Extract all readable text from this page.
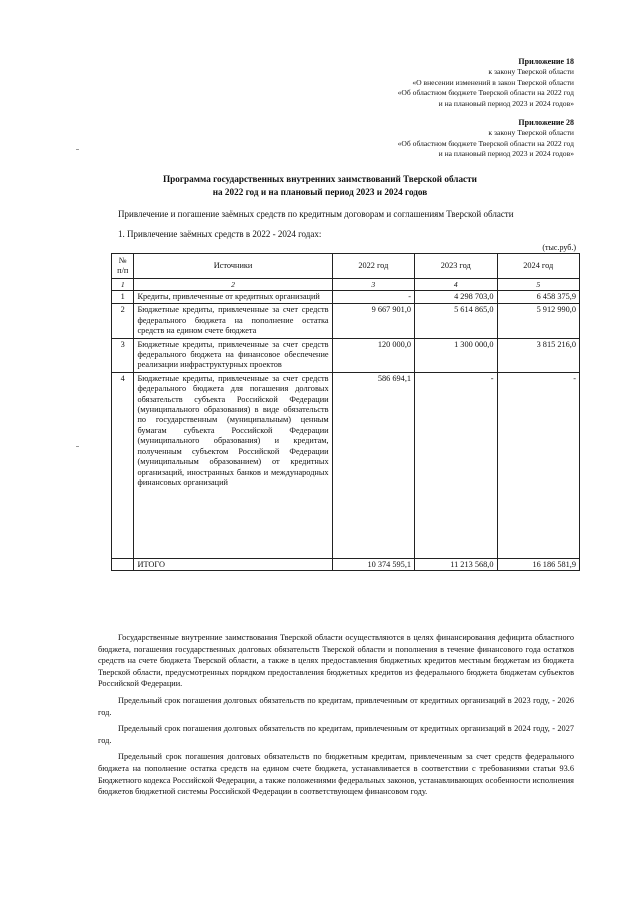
Приложение 18
к закону Тверской области
«О внесении изменений в закон Тверской области
«Об областном бюджете Тверской области на 2022 год
и на плановый период 2023 и 2024 годов»
Приложение 28
к закону Тверской области
«Об областном бюджете Тверской области на 2022 год
и на плановый период 2023 и 2024 годов»
Программа государственных внутренних заимствований Тверской области
на 2022 год и на плановый период 2023 и 2024 годов
Привлечение и погашение заёмных средств по кредитным договорам и соглашениям Тверской области
1. Привлечение заёмных средств в 2022 - 2024 годах:
(тыс.руб.)
№ п/п	Источники	2022 год	2023 год	2024 год
1	2	3	4	5
1	Кредиты, привлеченные от кредитных организаций	-	4 298 703,0	6 458 375,9
2	Бюджетные кредиты, привлеченные за счет средств федерального бюджета на пополнение остатка средств на едином счете бюджета	9 667 901,0	5 614 865,0	5 912 990,0
3	Бюджетные кредиты, привлеченные за счет средств федерального бюджета на финансовое обеспечение реализации инфраструктурных проектов	120 000,0	1 300 000,0	3 815 216,0
4	Бюджетные кредиты, привлеченные за счет средств федерального бюджета для погашения долговых обязательств субъекта Российской Федерации (муниципального образования) в виде обязательств по государственным (муниципальным) ценным бумагам субъекта Российской Федерации (муниципального образования) и кредитам, полученным субъектом Российской Федерации (муниципальным образованием) от кредитных организаций, иностранных банков и международных финансовых организаций	586 694,1	-	-
	ИТОГО	10 374 595,1	11 213 568,0	16 186 581,9

Государственные внутренние заимствования Тверской области осуществляются в целях финансирования дефицита областного бюджета, погашения государственных долговых обязательств Тверской области и пополнения в течение финансового года остатков средств на счете бюджета Тверской области, а также в целях предоставления бюджетных кредитов местным бюджетам из бюджета Тверской области, предусмотренных порядком предоставления бюджетных кредитов из федерального бюджета бюджетам субъектов Российской Федерации.

Предельный срок погашения долговых обязательств по кредитам, привлеченным от кредитных организаций в 2023 году, - 2026 год.

Предельный срок погашения долговых обязательств по кредитам, привлеченным от кредитных организаций в 2024 году, - 2027 год.

Предельный срок погашения долговых обязательств по бюджетным кредитам, привлеченным за счет средств федерального бюджета на пополнение остатка средств на едином счете бюджета, устанавливается в соответствии с требованиями статьи 93.6 Бюджетного кодекса Российской Федерации, а также положениями федеральных законов, устанавливающих особенности исполнения бюджетов бюджетной системы Российской Федерации в соответствующем финансовом году.
